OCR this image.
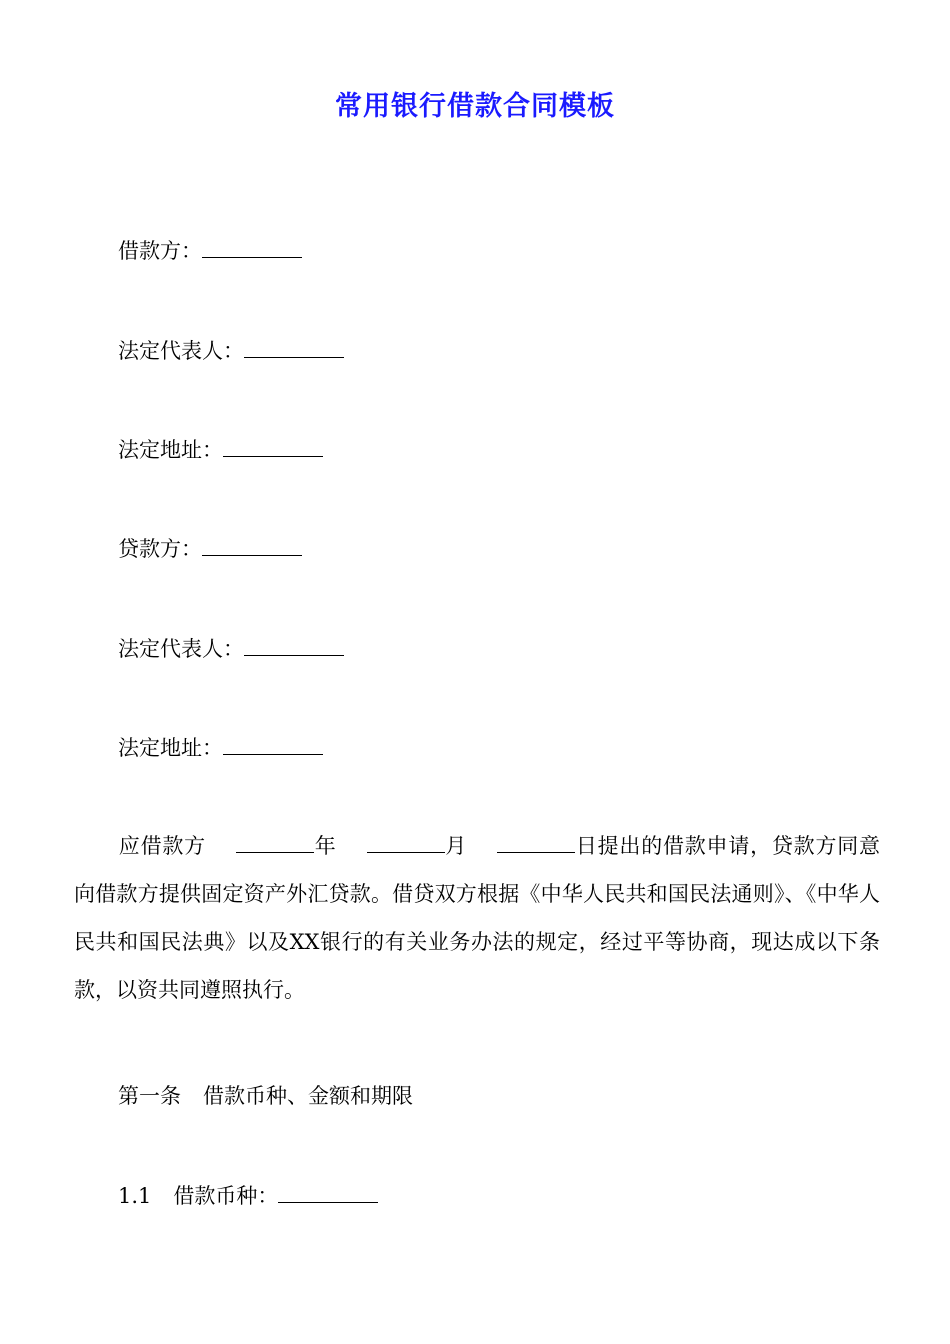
常用银行借款合同模板
借款方：
法定代表人：
法定地址：
贷款方：
法定代表人：
法定地址：
应借款方	年	月	日提出的借款申请，贷款方同意向借款方提供固定资产外汇贷款。借贷双方根据《中华人民共和国民法通则》、《中华人民共和国民法典》以及XX银行的有关业务办法的规定，经过平等协商，现达成以下条款，以资共同遵照执行。
第一条 借款币种、金额和期限
1.1 借款币种：
